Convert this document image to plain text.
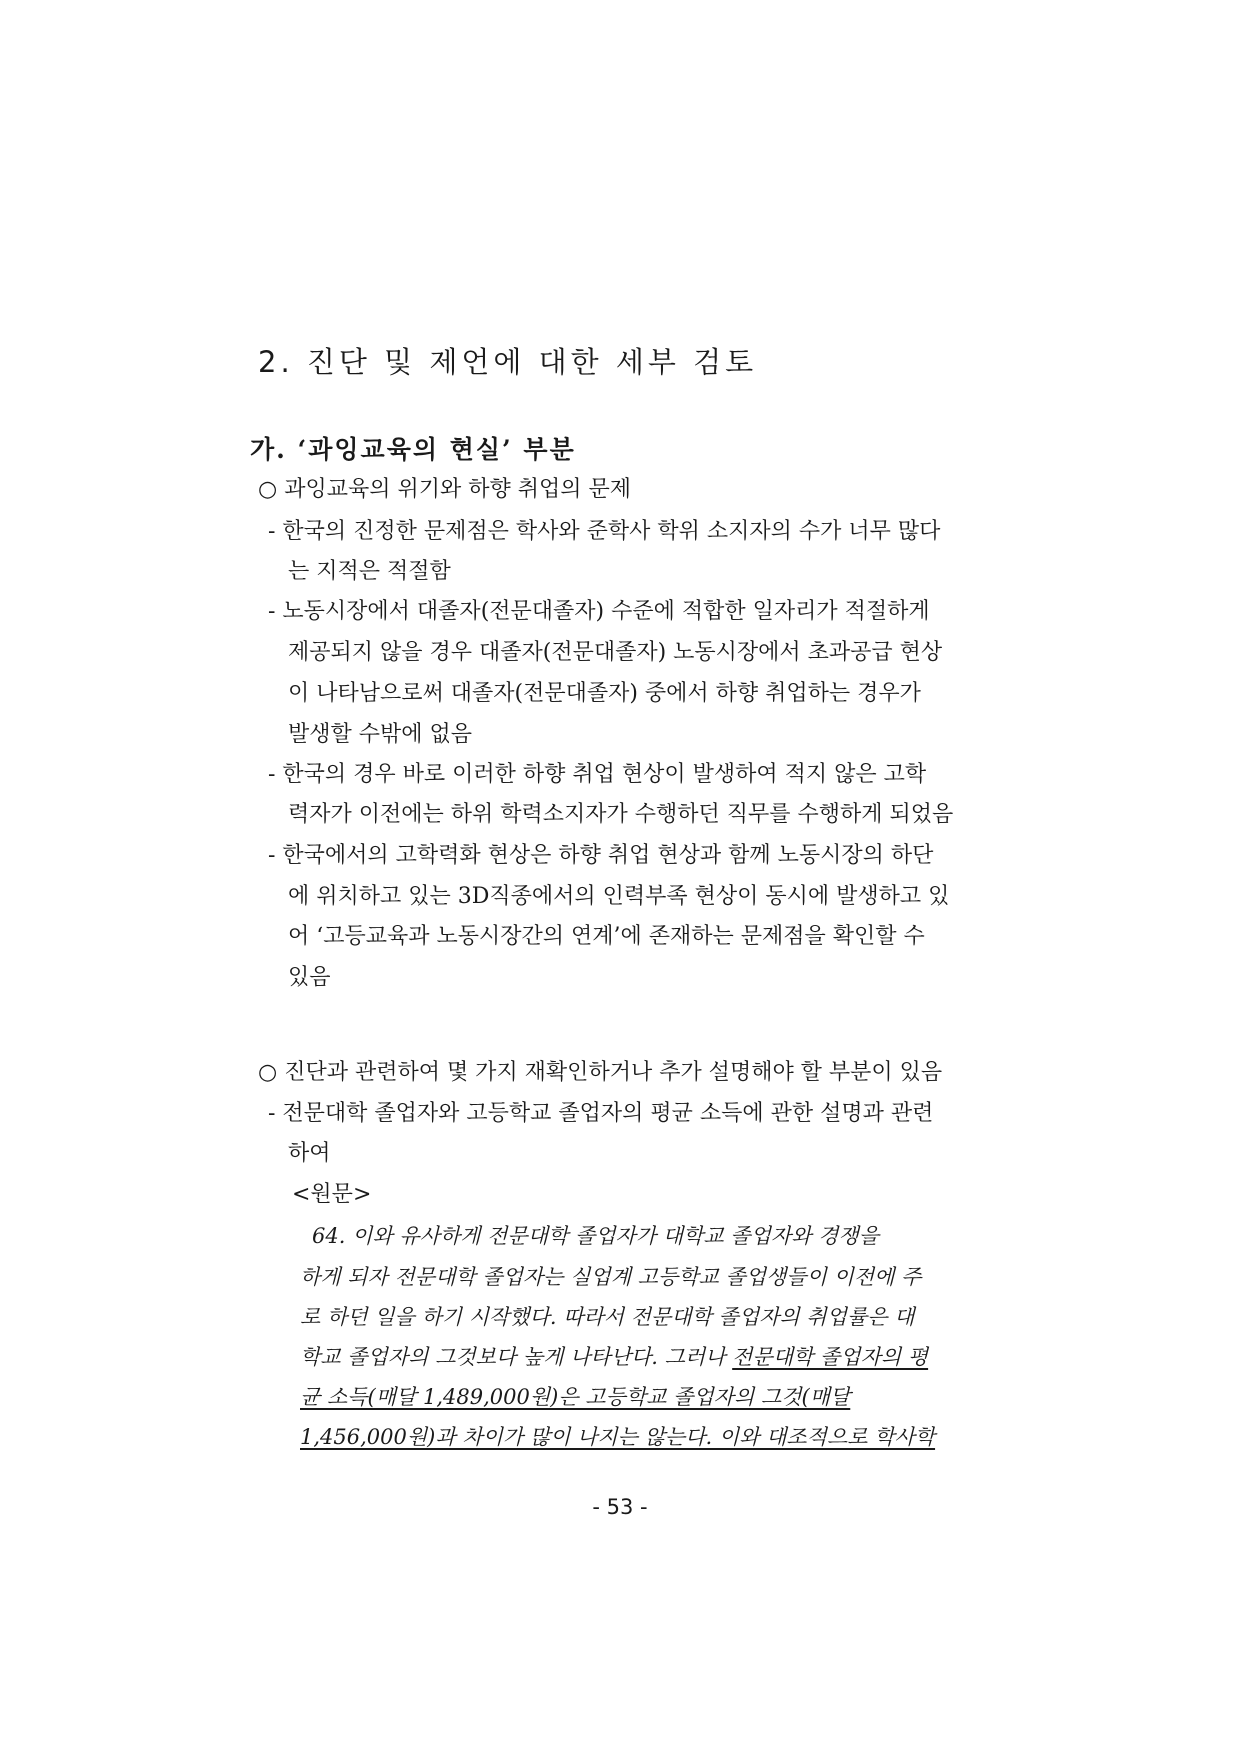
2. 진단 및 제언에 대한 세부 검토
가. ‘과잉교육의 현실’ 부분
○ 과잉교육의 위기와 하향 취업의 문제
- 한국의 진정한 문제점은 학사와 준학사 학위 소지자의 수가 너무 많다
는 지적은 적절함
- 노동시장에서 대졸자(전문대졸자) 수준에 적합한 일자리가 적절하게
제공되지 않을 경우 대졸자(전문대졸자) 노동시장에서 초과공급 현상
이 나타남으로써 대졸자(전문대졸자) 중에서 하향 취업하는 경우가
발생할 수밖에 없음
- 한국의 경우 바로 이러한 하향 취업 현상이 발생하여 적지 않은 고학
력자가 이전에는 하위 학력소지자가 수행하던 직무를 수행하게 되었음
- 한국에서의 고학력화 현상은 하향 취업 현상과 함께 노동시장의 하단
에 위치하고 있는 3D직종에서의 인력부족 현상이 동시에 발생하고 있
어 ‘고등교육과 노동시장간의 연계’에 존재하는 문제점을 확인할 수
있음
○ 진단과 관련하여 몇 가지 재확인하거나 추가 설명해야 할 부분이 있음
- 전문대학 졸업자와 고등학교 졸업자의 평균 소득에 관한 설명과 관련
하여
<원문>
64. 이와 유사하게 전문대학 졸업자가 대학교 졸업자와 경쟁을
하게 되자 전문대학 졸업자는 실업계 고등학교 졸업생들이 이전에 주
로 하던 일을 하기 시작했다. 따라서 전문대학 졸업자의 취업률은 대
학교 졸업자의 그것보다 높게 나타난다. 그러나 전문대학 졸업자의 평
균 소득(매달 1,489,000원)은 고등학교 졸업자의 그것(매달
1,456,000원)과 차이가 많이 나지는 않는다. 이와 대조적으로 학사학
- 53 -
